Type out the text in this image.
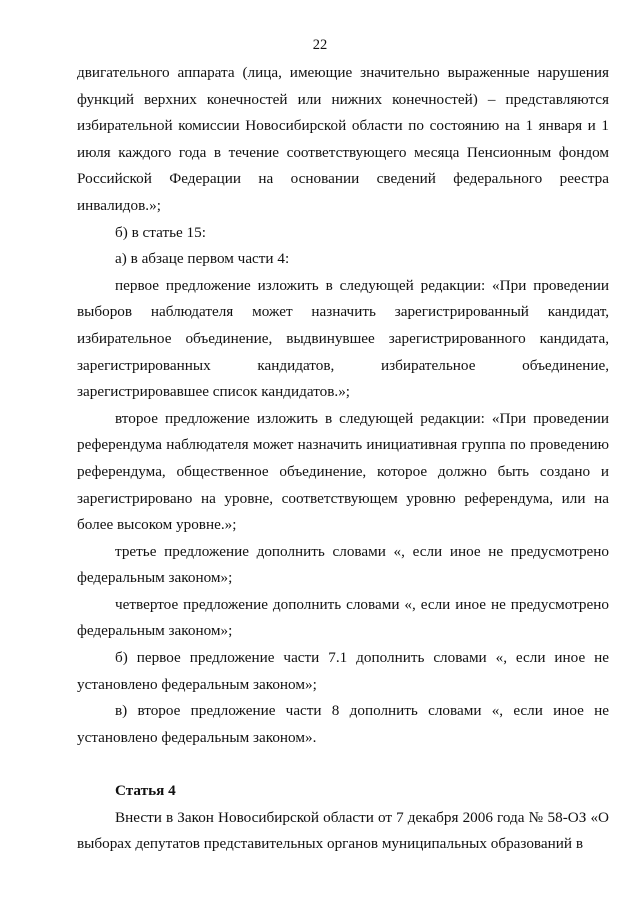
22

двигательного аппарата (лица, имеющие значительно выраженные нарушения функций верхних конечностей или нижних конечностей) – представляются избирательной комиссии Новосибирской области по состоянию на 1 января и 1 июля каждого года в течение соответствующего месяца Пенсионным фондом Российской Федерации на основании сведений федерального реестра инвалидов.»;

б) в статье 15:

а) в абзаце первом части 4:

первое предложение изложить в следующей редакции: «При проведении выборов наблюдателя может назначить зарегистрированный кандидат, избирательное объединение, выдвинувшее зарегистрированного кандидата, зарегистрированных кандидатов, избирательное объединение, зарегистрировавшее список кандидатов.»;

второе предложение изложить в следующей редакции: «При проведении референдума наблюдателя может назначить инициативная группа по проведению референдума, общественное объединение, которое должно быть создано и зарегистрировано на уровне, соответствующем уровню референдума, или на более высоком уровне.»;

третье предложение дополнить словами «, если иное не предусмотрено федеральным законом»;

четвертое предложение дополнить словами «, если иное не предусмотрено федеральным законом»;

б) первое предложение части 7.1 дополнить словами «, если иное не установлено федеральным законом»;

в) второе предложение части 8 дополнить словами «, если иное не установлено федеральным законом».

Статья 4

Внести в Закон Новосибирской области от 7 декабря 2006 года № 58-ОЗ «О выборах депутатов представительных органов муниципальных образований в
